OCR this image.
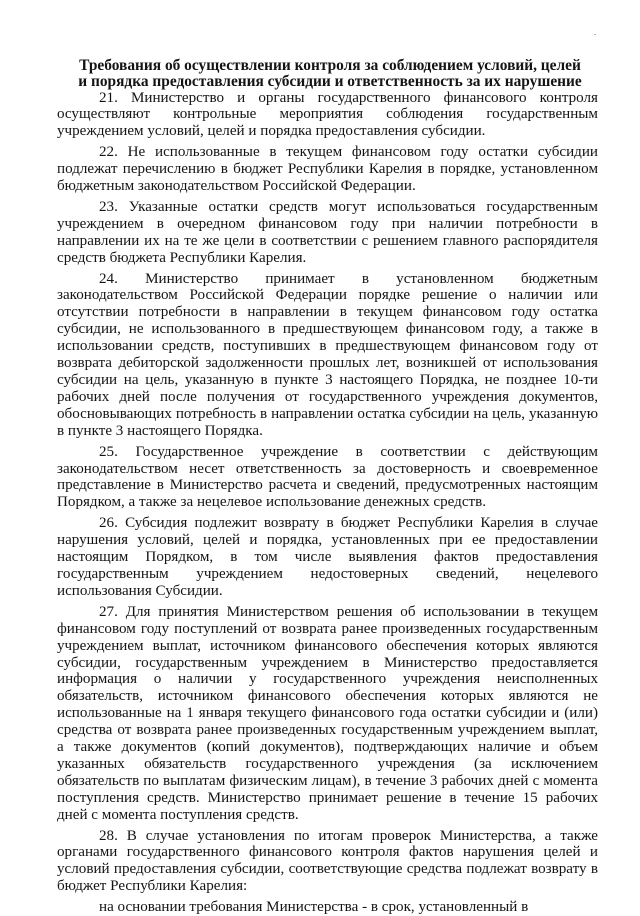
.
Требования об осуществлении контроля за соблюдением условий, целей и порядка предоставления субсидии и ответственность за их нарушение

21. Министерство и органы государственного финансового контроля осуществляют контрольные мероприятия соблюдения государственным учреждением условий, целей и порядка предоставления субсидии.

22. Не использованные в текущем финансовом году остатки субсидии подлежат перечислению в бюджет Республики Карелия в порядке, установленном бюджетным законодательством Российской Федерации.

23. Указанные остатки средств могут использоваться государственным учреждением в очередном финансовом году при наличии потребности в направлении их на те же цели в соответствии с решением главного распорядителя средств бюджета Республики Карелия.

24. Министерство принимает в установленном бюджетным законодательством Российской Федерации порядке решение о наличии или отсутствии потребности в направлении в текущем финансовом году остатка субсидии, не использованного в предшествующем финансовом году, а также в использовании средств, поступивших в предшествующем финансовом году от возврата дебиторской задолженности прошлых лет, возникшей от использования субсидии на цель, указанную в пункте 3 настоящего Порядка, не позднее 10-ти рабочих дней после получения от государственного учреждения документов, обосновывающих потребность в направлении остатка субсидии на цель, указанную в пункте 3 настоящего Порядка.

25. Государственное учреждение в соответствии с действующим законодательством несет ответственность за достоверность и своевременное представление в Министерство расчета и сведений, предусмотренных настоящим Порядком, а также за нецелевое использование денежных средств.

26. Субсидия подлежит возврату в бюджет Республики Карелия в случае нарушения условий, целей и порядка, установленных при ее предоставлении настоящим Порядком, в том числе выявления фактов предоставления государственным учреждением недостоверных сведений, нецелевого использования Субсидии.

27. Для принятия Министерством решения об использовании в текущем финансовом году поступлений от возврата ранее произведенных государственным учреждением выплат, источником финансового обеспечения которых являются субсидии, государственным учреждением в Министерство предоставляется информация о наличии у государственного учреждения неисполненных обязательств, источником финансового обеспечения которых являются не использованные на 1 января текущего финансового года остатки субсидии и (или) средства от возврата ранее произведенных государственным учреждением выплат, а также документов (копий документов), подтверждающих наличие и объем указанных обязательств государственного учреждения (за исключением обязательств по выплатам физическим лицам), в течение 3 рабочих дней с момента поступления средств. Министерство принимает решение в течение 15 рабочих дней с момента поступления средств.

28. В случае установления по итогам проверок Министерства, а также органами государственного финансового контроля фактов нарушения целей и условий предоставления субсидии, соответствующие средства подлежат возврату в бюджет Республики Карелия:

на основании требования Министерства - в срок, установленный в
